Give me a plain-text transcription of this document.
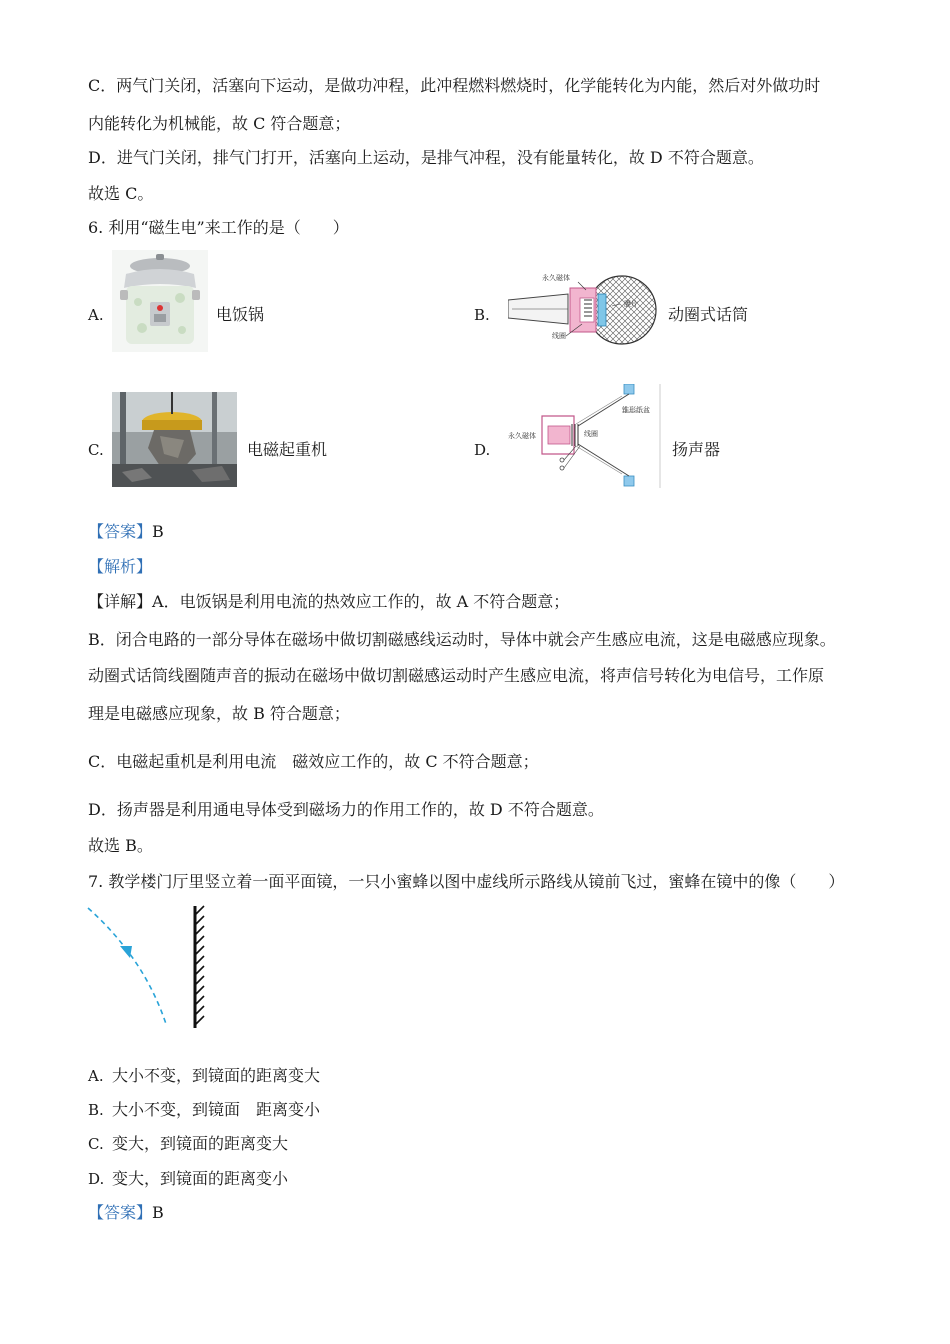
C．两气门关闭，活塞向下运动，是做功冲程，此冲程燃料燃烧时，化学能转化为内能，然后对外做功时
内能转化为机械能，故 C 符合题意；
D．进气门关闭，排气门打开，活塞向上运动，是排气冲程，没有能量转化，故 D 不符合题意。
故选 C。
6. 利用“磁生电”来工作的是（　　）
A.	电饭锅	B.
永久磁体
膜片
线圈
动圈式话筒
C.	电磁起重机	D.
锥形纸盆
永久磁体	线圈
扬声器
【答案】B
【解析】
【详解】A．电饭锅是利用电流的热效应工作的，故 A 不符合题意；
B．闭合电路的一部分导体在磁场中做切割磁感线运动时，导体中就会产生感应电流，这是电磁感应现象。
动圈式话筒线圈随声音的振动在磁场中做切割磁感运动时产生感应电流，将声信号转化为电信号，工作原
理是电磁感应现象，故 B 符合题意；
C．电磁起重机是利用电流　磁效应工作的，故 C 不符合题意；
D．扬声器是利用通电导体受到磁场力的作用工作的，故 D 不符合题意。
故选 B。
7. 教学楼门厅里竖立着一面平面镜，一只小蜜蜂以图中虚线所示路线从镜前飞过，蜜蜂在镜中的像（　　）
A. 大小不变，到镜面的距离变大
B. 大小不变，到镜面　距离变小
C. 变大，到镜面的距离变大
D. 变大，到镜面的距离变小
【答案】B
